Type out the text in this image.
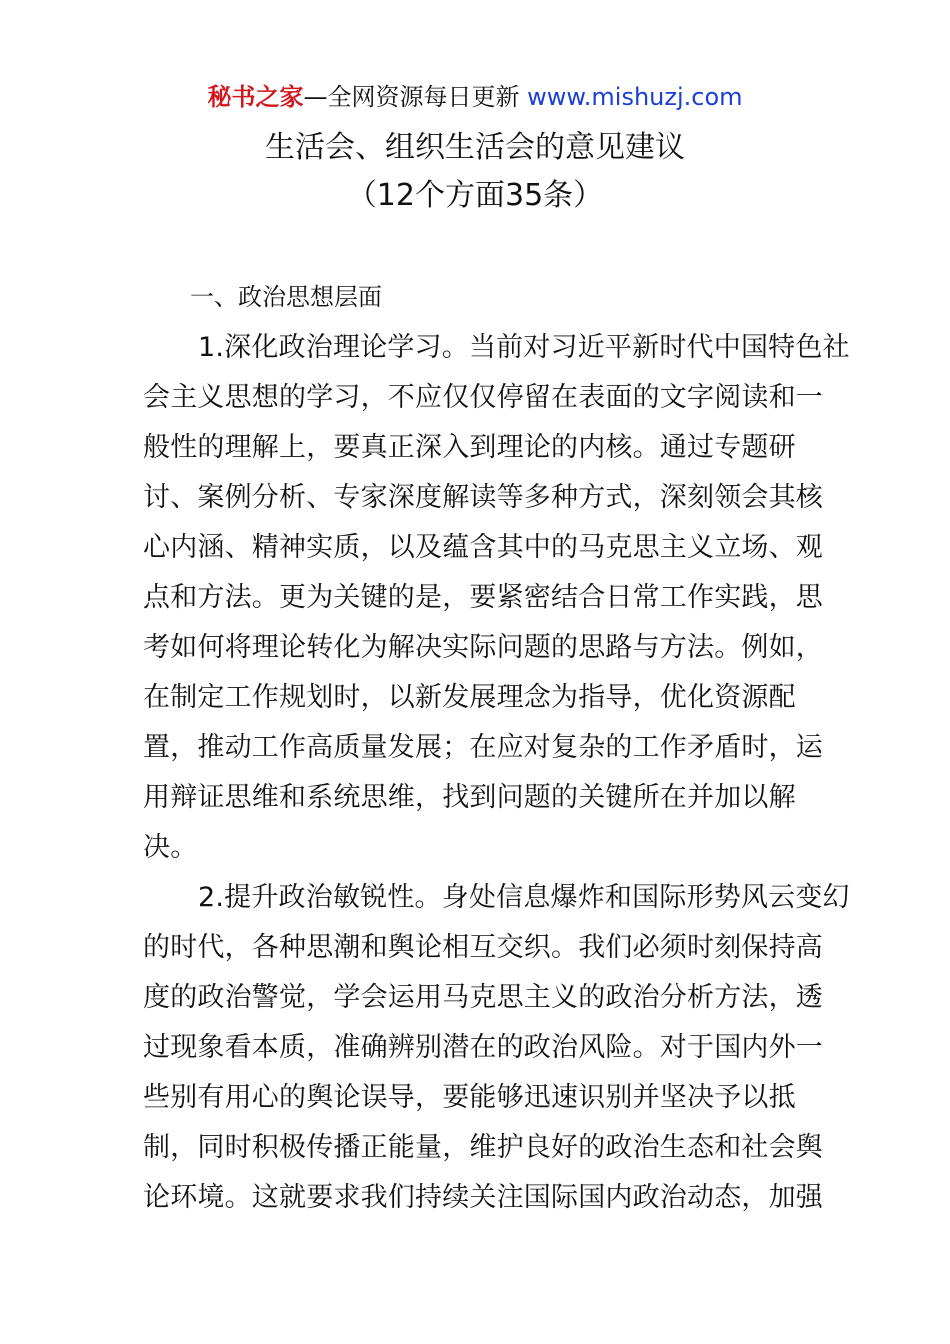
秘书之家—全网资源每日更新 www.mishuzj.com
生活会、组织生活会的意见建议
（12个方面35条）
一、政治思想层面
1.深化政治理论学习。当前对习近平新时代中国特色社
会主义思想的学习，不应仅仅停留在表面的文字阅读和一
般性的理解上，要真正深入到理论的内核。通过专题研
讨、案例分析、专家深度解读等多种方式，深刻领会其核
心内涵、精神实质，以及蕴含其中的马克思主义立场、观
点和方法。更为关键的是，要紧密结合日常工作实践，思
考如何将理论转化为解决实际问题的思路与方法。例如，
在制定工作规划时，以新发展理念为指导，优化资源配
置，推动工作高质量发展；在应对复杂的工作矛盾时，运
用辩证思维和系统思维，找到问题的关键所在并加以解
决。
2.提升政治敏锐性。身处信息爆炸和国际形势风云变幻
的时代，各种思潮和舆论相互交织。我们必须时刻保持高
度的政治警觉，学会运用马克思主义的政治分析方法，透
过现象看本质，准确辨别潜在的政治风险。对于国内外一
些别有用心的舆论误导，要能够迅速识别并坚决予以抵
制，同时积极传播正能量，维护良好的政治生态和社会舆
论环境。这就要求我们持续关注国际国内政治动态，加强
